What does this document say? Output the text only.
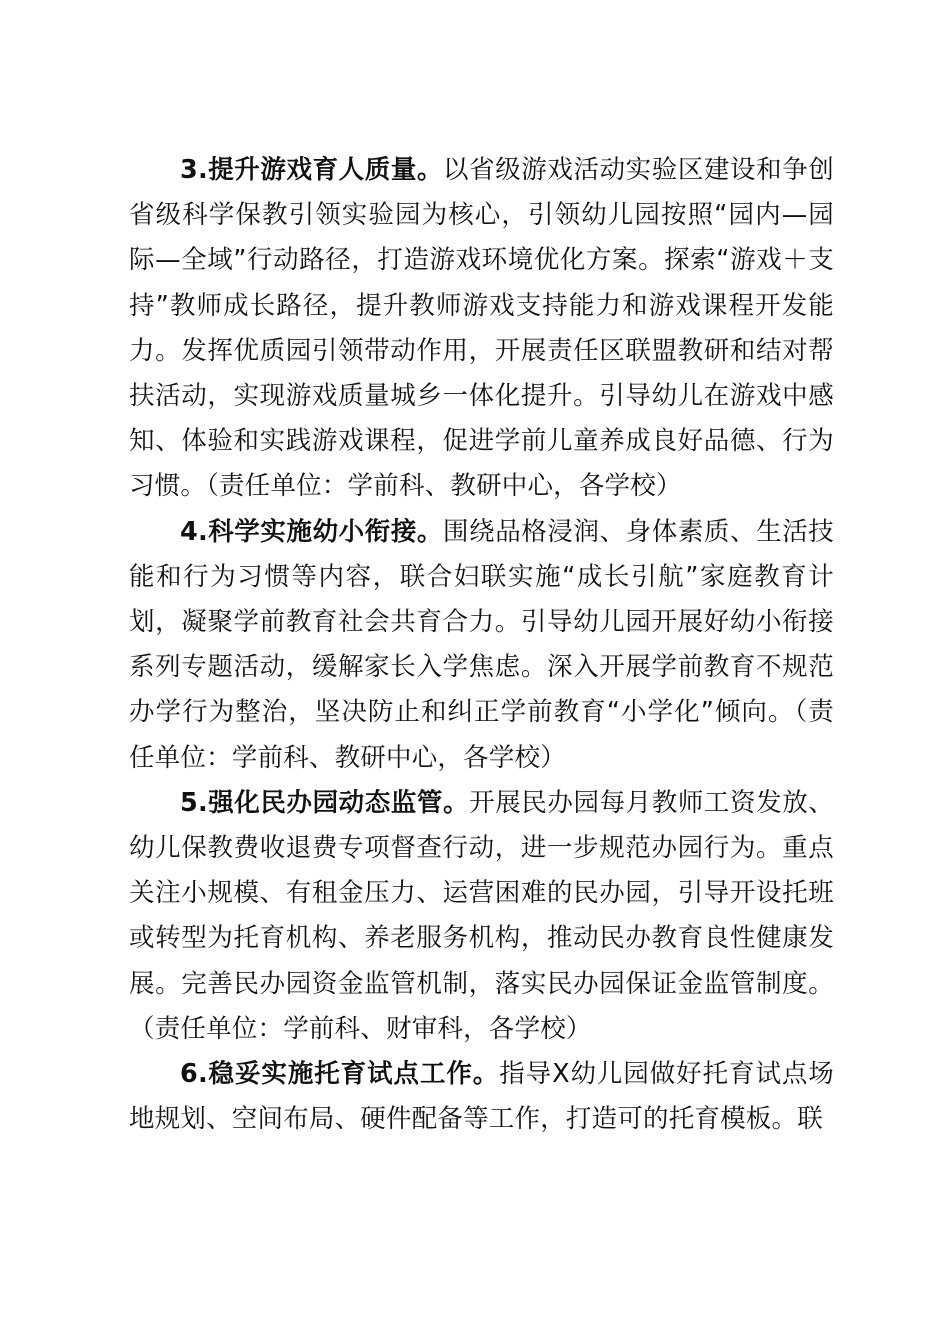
3.提升游戏育人质量。以省级游戏活动实验区建设和争创省级科学保教引领实验园为核心，引领幼儿园按照“园内—园际—全域”行动路径，打造游戏环境优化方案。探索“游戏＋支持”教师成长路径，提升教师游戏支持能力和游戏课程开发能力。发挥优质园引领带动作用，开展责任区联盟教研和结对帮扶活动，实现游戏质量城乡一体化提升。引导幼儿在游戏中感知、体验和实践游戏课程，促进学前儿童养成良好品德、行为习惯。（责任单位：学前科、教研中心，各学校）

4.科学实施幼小衔接。围绕品格浸润、身体素质、生活技能和行为习惯等内容，联合妇联实施“成长引航”家庭教育计划，凝聚学前教育社会共育合力。引导幼儿园开展好幼小衔接系列专题活动，缓解家长入学焦虑。深入开展学前教育不规范办学行为整治，坚决防止和纠正学前教育“小学化”倾向。（责任单位：学前科、教研中心，各学校）

5.强化民办园动态监管。开展民办园每月教师工资发放、幼儿保教费收退费专项督查行动，进一步规范办园行为。重点关注小规模、有租金压力、运营困难的民办园，引导开设托班或转型为托育机构、养老服务机构，推动民办教育良性健康发展。完善民办园资金监管机制，落实民办园保证金监管制度。（责任单位：学前科、财审科，各学校）

6.稳妥实施托育试点工作。指导X幼儿园做好托育试点场地规划、空间布局、硬件配备等工作，打造可的托育模板。联
